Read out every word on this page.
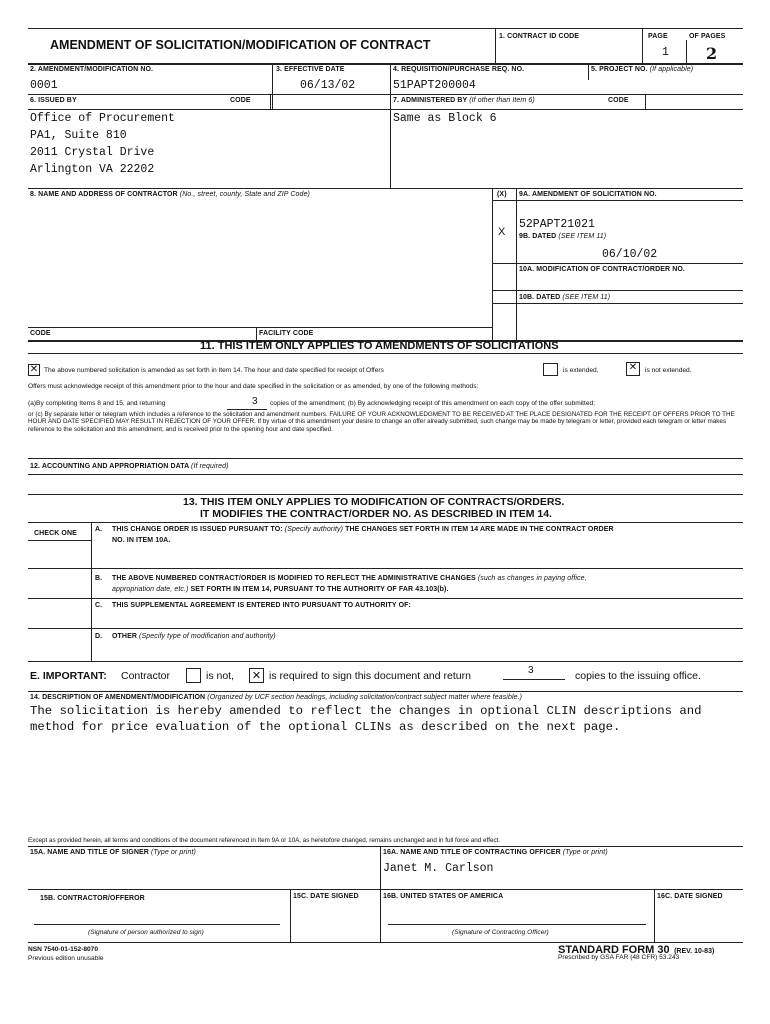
AMENDMENT OF SOLICITATION/MODIFICATION OF CONTRACT
1. CONTRACT ID CODE	PAGE	OF PAGES
1 2
2. AMENDMENT/MODIFICATION NO.
0001
3. EFFECTIVE DATE
06/13/02
4. REQUISITION/PURCHASE REQ. NO.
51PAPT200004
5. PROJECT NO. (If applicable)
6. ISSUED BY	CODE
Office of Procurement
PA1, Suite 810
2011 Crystal Drive
Arlington VA 22202
7. ADMINISTERED BY (If other than Item 6)	CODE
Same as Block 6
8. NAME AND ADDRESS OF CONTRACTOR (No., street, county, State and ZIP Code)	(X) 9A. AMENDMENT OF SOLICITATION NO.
52PAPT21021
X 9B. DATED (SEE ITEM 11)
06/10/02
10A. MODIFICATION OF CONTRACT/ORDER NO.
10B. DATED (SEE ITEM 11)
CODE	FACILITY CODE
11. THIS ITEM ONLY APPLIES TO AMENDMENTS OF SOLICITATIONS
✕ The above numbered solicitation is amended as set forth in Item 14. The hour and date specified for receipt of Offers	is extended,	✕	is not extended.
Offers must acknowledge receipt of this amendment prior to the hour and date specified in the solicitation or as amended, by one of the following methods:
(a)By completing Items 8 and 15, and returning	3 copies of the amendment; (b) By acknowledging receipt of this amendment on each copy of the offer submitted;
or (c) By separate letter or telegram which includes a reference to the solicitation and amendment numbers. FAILURE OF YOUR ACKNOWLEDGMENT TO BE RECEIVED AT THE PLACE DESIGNATED FOR THE RECEIPT OF OFFERS PRIOR TO THE HOUR AND DATE SPECIFIED MAY RESULT IN REJECTION OF YOUR OFFER. If by virtue of this amendment your desire to change an offer already submitted, such change may be made by telegram or letter, provided each telegram or letter makes reference to the solicitation and this amendment, and is received prior to the opening hour and date specified.
12. ACCOUNTING AND APPROPRIATION DATA (If required)
13. THIS ITEM ONLY APPLIES TO MODIFICATION OF CONTRACTS/ORDERS.
IT MODIFIES THE CONTRACT/ORDER NO. AS DESCRIBED IN ITEM 14.
CHECK ONE
A. THIS CHANGE ORDER IS ISSUED PURSUANT TO: (Specify authority) THE CHANGES SET FORTH IN ITEM 14 ARE MADE IN THE CONTRACT ORDER
NO. IN ITEM 10A.
B. THE ABOVE NUMBERED CONTRACT/ORDER IS MODIFIED TO REFLECT THE ADMINISTRATIVE CHANGES (such as changes in paying office,
appropriation date, etc.) SET FORTH IN ITEM 14, PURSUANT TO THE AUTHORITY OF FAR 43.103(b).
C. THIS SUPPLEMENTAL AGREEMENT IS ENTERED INTO PURSUANT TO AUTHORITY OF:
D. OTHER (Specify type of modification and authority)
E. IMPORTANT: Contractor	is not, ✕ is required to sign this document and return	3	copies to the issuing office.
14. DESCRIPTION OF AMENDMENT/MODIFICATION (Organized by UCF section headings, including solicitation/contract subject matter where feasible.)
The solicitation is hereby amended to reflect the changes in optional CLIN descriptions and
method for price evaluation of the optional CLINs as described on the next page.
Except as provided herein, all terms and conditions of the document referenced in Item 9A or 10A, as heretofore changed, remains unchanged and in full force and effect.
15A. NAME AND TITLE OF SIGNER (Type or print)	16A. NAME AND TITLE OF CONTRACTING OFFICER (Type or print)
Janet M. Carlson
15B. CONTRACTOR/OFFEROR	15C. DATE SIGNED	16B. UNITED STATES OF AMERICA	16C. DATE SIGNED
(Signature of person authorized to sign)	(Signature of Contracting Officer)
NSN 7540-01-152-8070
Previous edition unusable
STANDARD FORM 30 (REV. 10-83)
Prescribed by GSA FAR (48 CFR) 53.243
